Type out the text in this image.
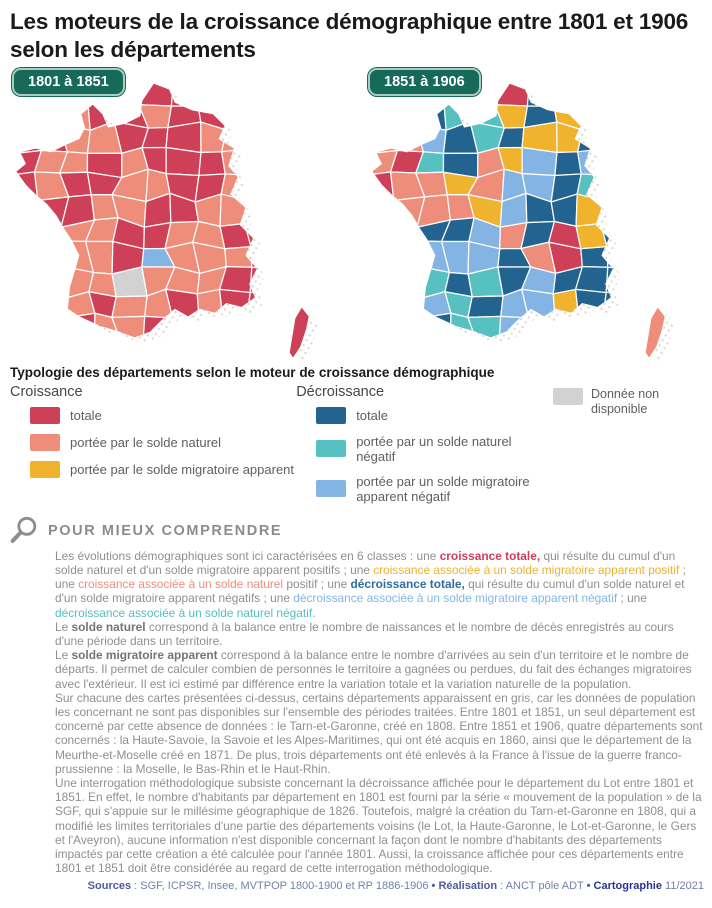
Les moteurs de la croissance démographique entre 1801 et 1906 selon les départements
1801 à 1851	1851 à 1906
Typologie des départements selon le moteur de croissance démographique
Croissance
totale
portée par le solde naturel
portée par le solde migratoire apparent
Décroissance
totale
portée par un solde naturel négatif
portée par un solde migratoire apparent négatif
Donnée non disponible
POUR MIEUX COMPRENDRE

Les évolutions démographiques sont ici caractérisées en 6 classes : une croissance totale, qui résulte du cumul d'un solde naturel et d'un solde migratoire apparent positifs ; une croissance associée à un solde migratoire apparent positif ; une croissance associée à un solde naturel positif ; une décroissance totale, qui résulte du cumul d'un solde naturel et d'un solde migratoire apparent négatifs ; une décroissance associée à un solde migratoire apparent négatif ; une décroissance associée à un solde naturel négatif.

Le solde naturel correspond à la balance entre le nombre de naissances et le nombre de décès enregistrés au cours d'une période dans un territoire.

Le solde migratoire apparent correspond à la balance entre le nombre d'arrivées au sein d'un territoire et le nombre de départs. Il permet de calculer combien de personnes le territoire a gagnées ou perdues, du fait des échanges migratoires avec l'extérieur. Il est ici estimé par différence entre la variation totale et la variation naturelle de la population.

Sur chacune des cartes présentées ci-dessus, certains départements apparaissent en gris, car les données de population les concernant ne sont pas disponibles sur l'ensemble des périodes traitées. Entre 1801 et 1851, un seul département est concerné par cette absence de données : le Tarn-et-Garonne, créé en 1808. Entre 1851 et 1906, quatre départements sont concernés : la Haute-Savoie, la Savoie et les Alpes-Maritimes, qui ont été acquis en 1860, ainsi que le département de la Meurthe-et-Moselle créé en 1871. De plus, trois départements ont été enlevés à la France à l'issue de la guerre franco-prussienne : la Moselle, le Bas-Rhin et le Haut-Rhin.

Une interrogation méthodologique subsiste concernant la décroissance affichée pour le département du Lot entre 1801 et 1851. En effet, le nombre d'habitants par département en 1801 est fourni par la série « mouvement de la population » de la SGF, qui s'appuie sur le millésime géographique de 1826. Toutefois, malgré la création du Tarn-et-Garonne en 1808, qui a modifié les limites territoriales d'une partie des départements voisins (le Lot, la Haute-Garonne, le Lot-et-Garonne, le Gers et l'Aveyron), aucune information n'est disponible concernant la façon dont le nombre d'habitants des départements impactés par cette création a été calculée pour l'année 1801. Aussi, la croissance affichée pour ces départements entre 1801 et 1851 doit être considérée au regard de cette interrogation méthodologique.

Sources : SGF, ICPSR, Insee, MVTPOP 1800-1900 et RP 1886-1906 • Réalisation : ANCT pôle ADT • Cartographie 11/2021
